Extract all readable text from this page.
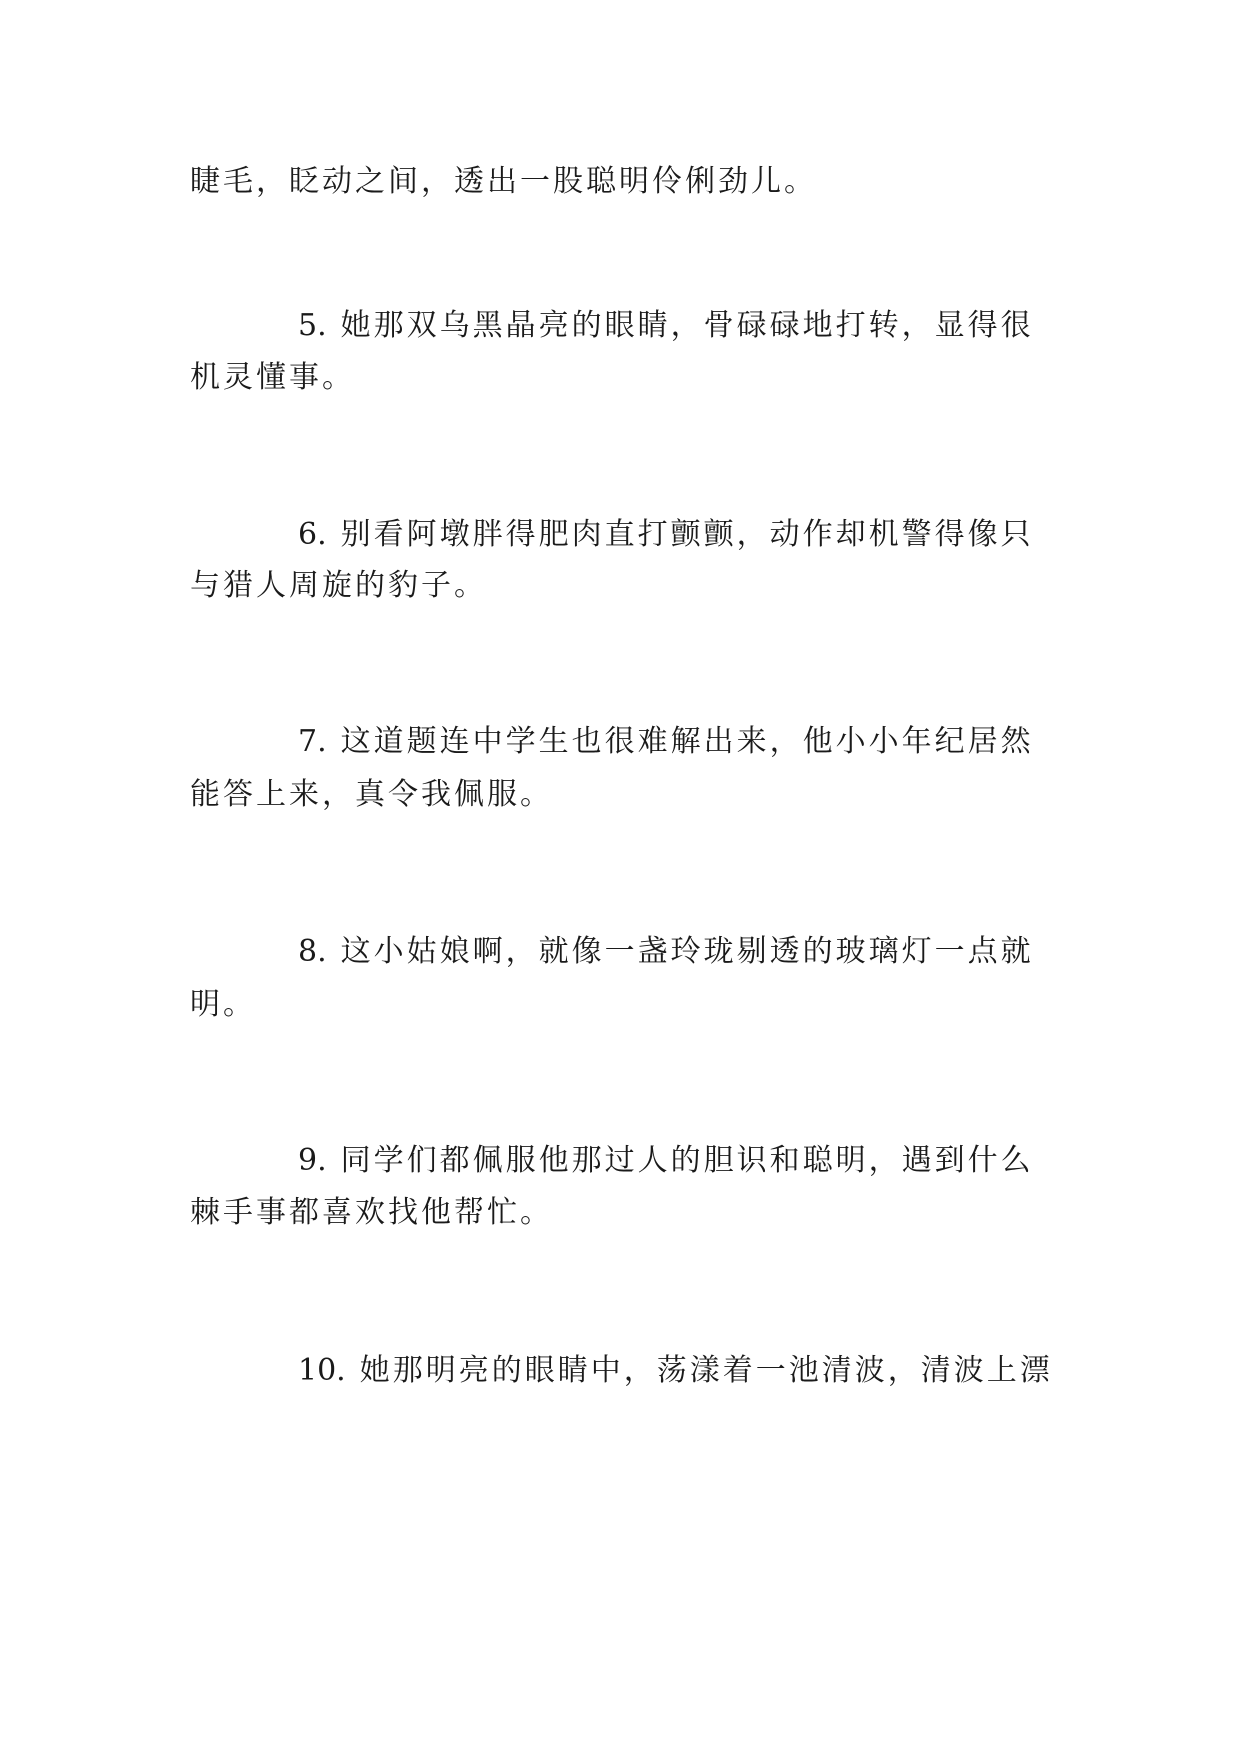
睫毛，眨动之间，透出一股聪明伶俐劲儿。
5. 她那双乌黑晶亮的眼睛，骨碌碌地打转，显得很
机灵懂事。
6. 别看阿墩胖得肥肉直打颤颤，动作却机警得像只
与猎人周旋的豹子。
7. 这道题连中学生也很难解出来，他小小年纪居然
能答上来，真令我佩服。
8. 这小姑娘啊，就像一盏玲珑剔透的玻璃灯一点就
明。
9. 同学们都佩服他那过人的胆识和聪明，遇到什么
棘手事都喜欢找他帮忙。
10. 她那明亮的眼睛中，荡漾着一池清波，清波上漂
